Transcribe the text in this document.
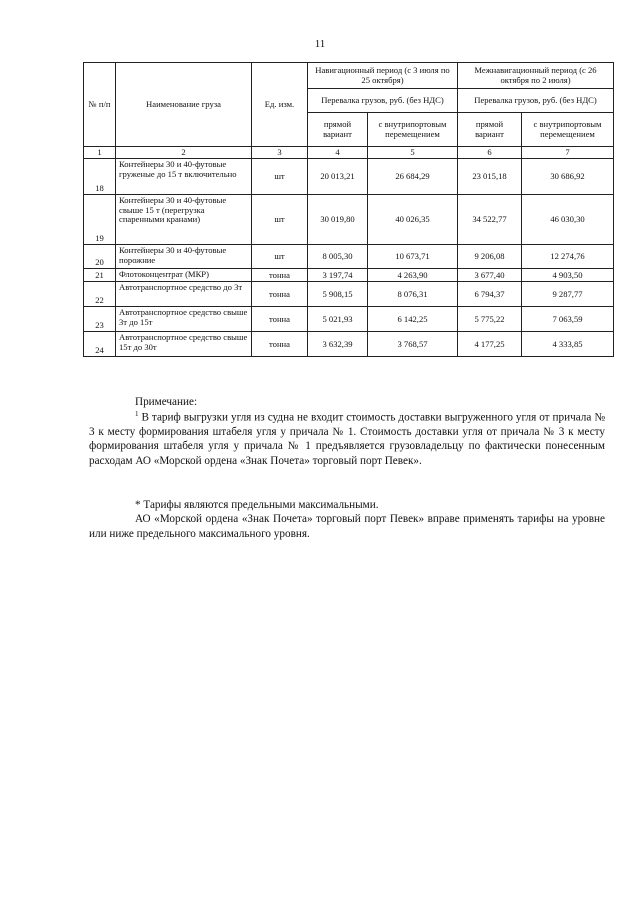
11
№ п/п	Наименование груза	Ед. изм.	Навигационный период (с 3 июля по 25 октября)		Межнавигационный период (с 26 октября по 2 июля)	
			Перевалка грузов, руб. (без НДС)		Перевалка грузов, руб. (без НДС)	
			прямой вариант	с внутрипортовым перемещением	прямой вариант	с внутрипортовым перемещением
1	2	3	4	5	6	7
18	Контейнеры 30 и 40-футовые груженые до 15 т включительно	шт	20 013,21	26 684,29	23 015,18	30 686,92
19	Контейнеры 30 и 40-футовые свыше 15 т (перегрузка спаренными кранами)	шт	30 019,80	40 026,35	34 522,77	46 030,30
20	Контейнеры 30 и 40-футовые порожние	шт	8 005,30	10 673,71	9 206,08	12 274,76
21	Флотоконцентрат (МКР)	тонна	3 197,74	4 263,90	3 677,40	4 903,50
22	Автотранспортное средство до 3т	тонна	5 908,15	8 076,31	6 794,37	9 287,77
23	Автотранспортное средство свыше 3т до 15т	тонна	5 021,93	6 142,25	5 775,22	7 063,59
24	Автотранспортное средство свыше 15т до 30т	тонна	3 632,39	3 768,57	4 177,25	4 333,85
Примечание:

$^1$ В тариф выгрузки угля из судна не входит стоимость доставки выгруженного угля от причала № 3 к месту формирования штабеля угля у причала № 1. Стоимость доставки угля от причала № 3 к месту формирования штабеля угля у причала № 1 предъявляется грузовладельцу по фактически понесенным расходам АО «Морской ордена «Знак Почета» торговый порт Певек».

* Тарифы являются предельными максимальными.

АО «Морской ордена «Знак Почета» торговый порт Певек» вправе применять тарифы на уровне или ниже предельного максимального уровня.
